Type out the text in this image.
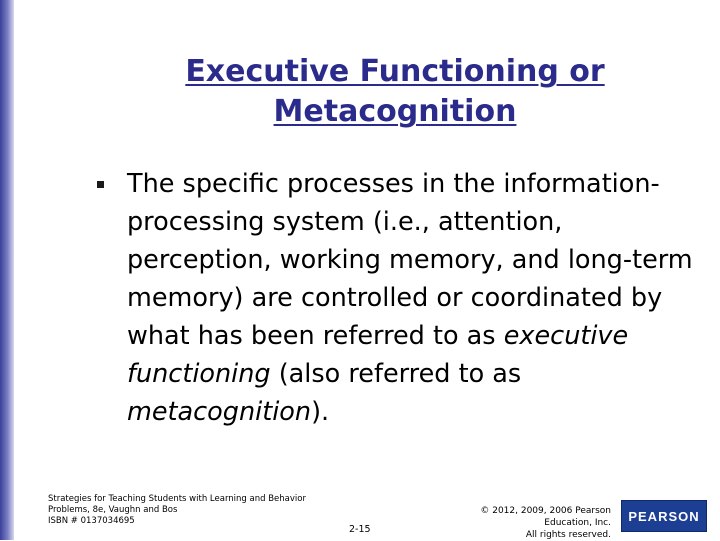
Executive Functioning or
Metacognition
The specific processes in the information-processing system (i.e., attention, perception, working memory, and long-term memory) are controlled or coordinated by what has been referred to as executive functioning (also referred to as metacognition).
Strategies for Teaching Students with Learning and Behavior
Problems, 8e, Vaughn and Bos
ISBN # 0137034695
2-15
© 2012, 2009, 2006 Pearson
Education, Inc.
All rights reserved.
PEARSON
